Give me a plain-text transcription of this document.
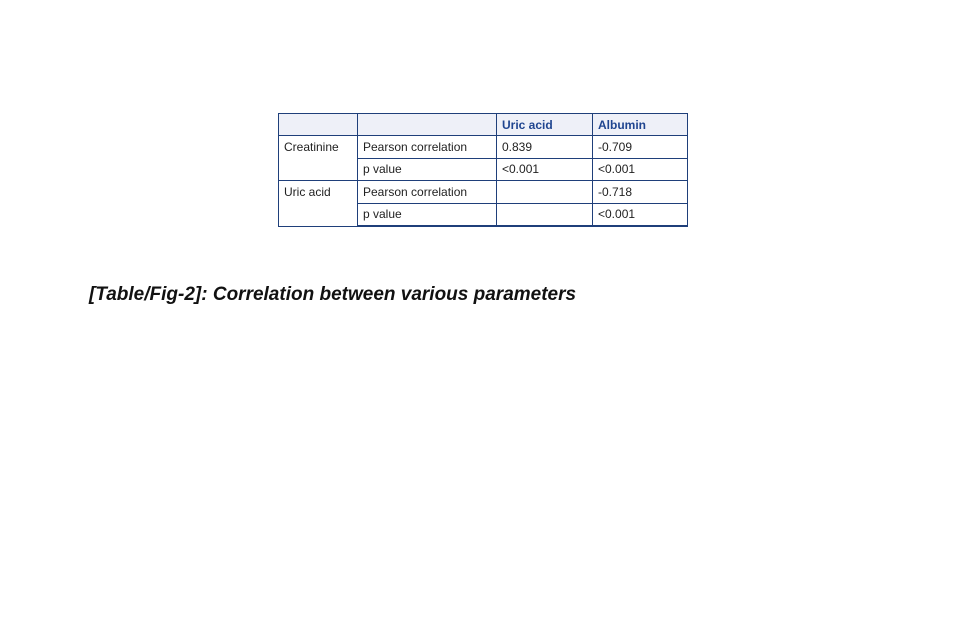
		Uric acid	Albumin
Creatinine	Pearson correlation	0.839	-0.709
	p value	<0.001	<0.001
Uric acid	Pearson correlation		-0.718
	p value		<0.001
[Table/Fig-2]: Correlation between various parameters
